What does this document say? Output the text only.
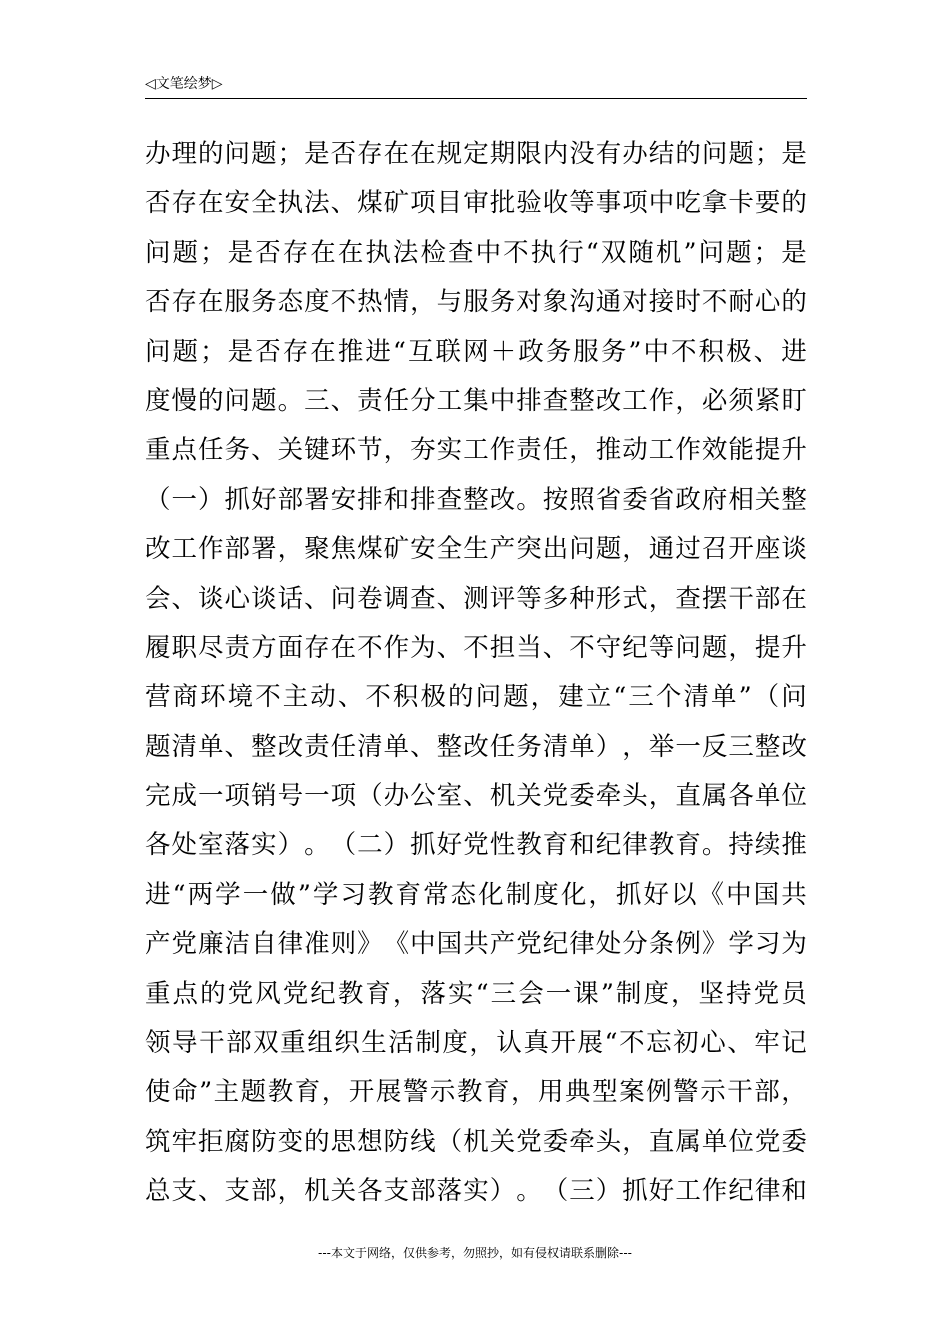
◁文笔绘梦▷
办 理 的 问 题 ； 是 否 存 在 在 规 定 期 限 内 没 有 办 结 的 问 题 ； 是
否 存 在 安 全 执 法 、 煤 矿 项 目 审 批 验 收 等 事 项 中 吃 拿 卡 要 的
问 题 ； 是 否 存 在 在 执 法 检 查 中 不 执 行 “ 双 随 机 ” 问 题 ； 是
否 存 在 服 务 态 度 不 热 情 ， 与 服 务 对 象 沟 通 对 接 时 不 耐 心 的
问 题 ； 是 否 存 在 推 进 “ 互 联 网 ＋ 政 务 服 务 ” 中 不 积 极 、 进
度 慢 的 问 题 。 三 、 责 任 分 工 集 中 排 查 整 改 工 作 ， 必 须 紧 盯
重 点 任 务 、 关 键 环 节 ， 夯 实 工 作 责 任 ， 推 动 工 作 效 能 提 升
（ 一 ） 抓 好 部 署 安 排 和 排 查 整 改 。 按 照 省 委 省 政 府 相 关 整
改 工 作 部 署 ， 聚 焦 煤 矿 安 全 生 产 突 出 问 题 ， 通 过 召 开 座 谈
会 、 谈 心 谈 话 、 问 卷 调 查 、 测 评 等 多 种 形 式 ， 查 摆 干 部 在
履 职 尽 责 方 面 存 在 不 作 为 、 不 担 当 、 不 守 纪 等 问 题 ， 提 升
营 商 环 境 不 主 动 、 不 积 极 的 问 题 ， 建 立 “ 三 个 清 单 ” （ 问
题 清 单 、 整 改 责 任 清 单 、 整 改 任 务 清 单 ） ， 举 一 反 三 整 改
完 成 一 项 销 号 一 项 （ 办 公 室 、 机 关 党 委 牵 头 ， 直 属 各 单 位
各 处 室 落 实 ） 。 （ 二 ） 抓 好 党 性 教 育 和 纪 律 教 育 。 持 续 推
进 “ 两 学 一 做 ” 学 习 教 育 常 态 化 制 度 化 ， 抓 好 以 《 中 国 共
产 党 廉 洁 自 律 准 则 》 《 中 国 共 产 党 纪 律 处 分 条 例 》 学 习 为
重 点 的 党 风 党 纪 教 育 ， 落 实 “ 三 会 一 课 ” 制 度 ， 坚 持 党 员
领 导 干 部 双 重 组 织 生 活 制 度 ， 认 真 开 展 “ 不 忘 初 心 、 牢 记
使 命 ” 主 题 教 育 ， 开 展 警 示 教 育 ， 用 典 型 案 例 警 示 干 部 ，
筑 牢 拒 腐 防 变 的 思 想 防 线 （ 机 关 党 委 牵 头 ， 直 属 单 位 党 委
总 支 、 支 部 ， 机 关 各 支 部 落 实 ） 。 （ 三 ） 抓 好 工 作 纪 律 和
---本文于网络，仅供参考，勿照抄，如有侵权请联系删除---
